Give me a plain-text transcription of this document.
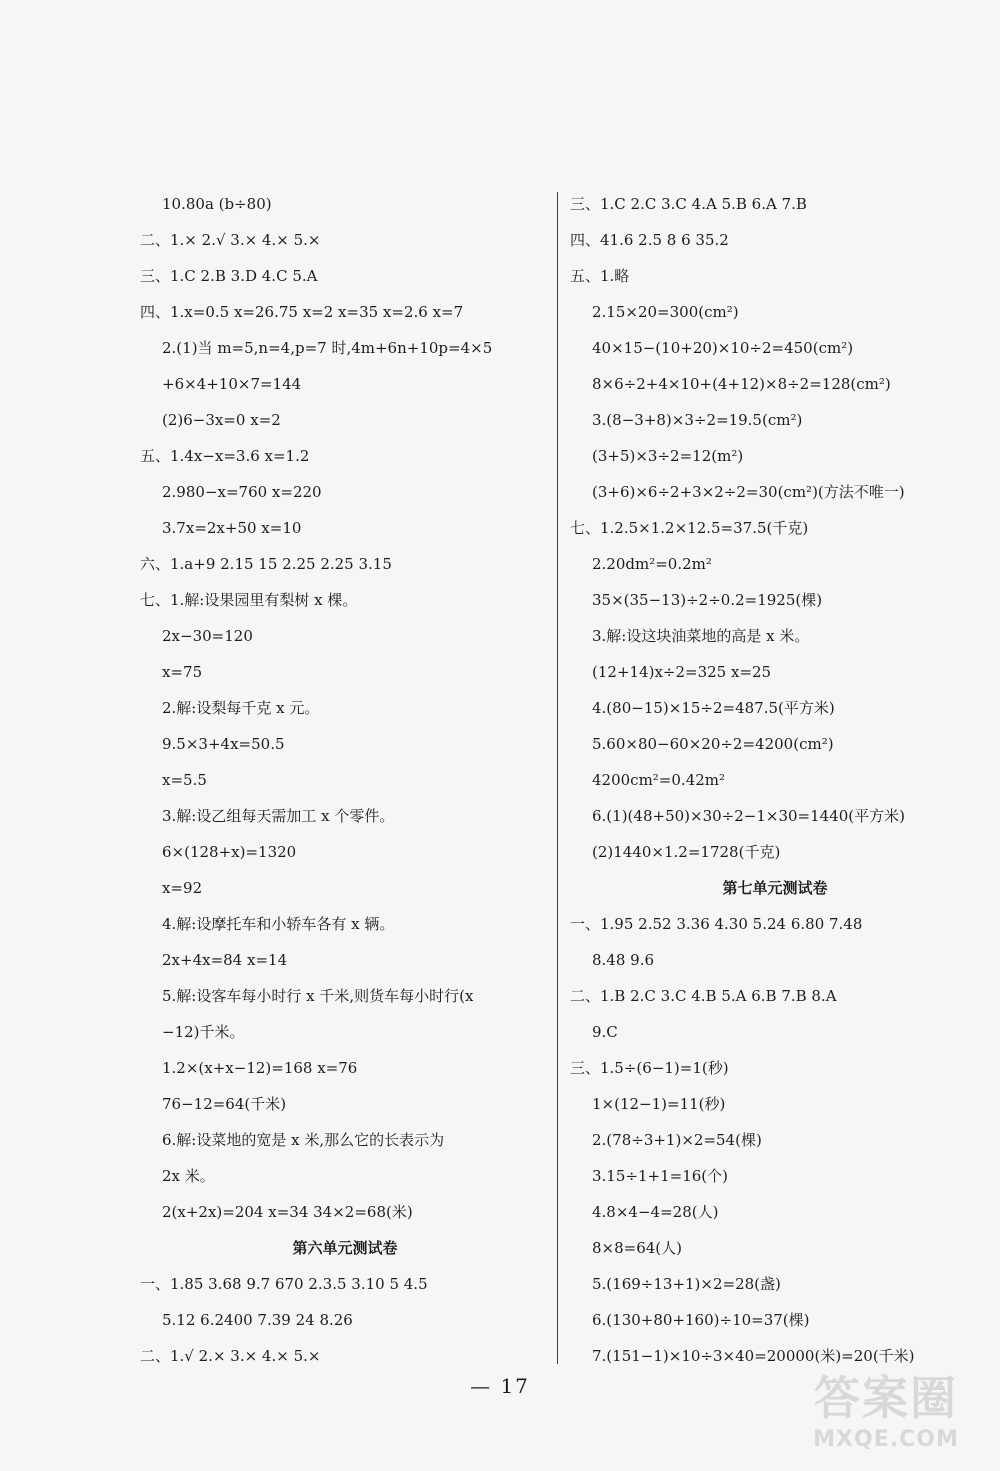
10.80a (b÷80)
二、1.× 2.√ 3.× 4.× 5.×
三、1.C 2.B 3.D 4.C 5.A
四、1.x=0.5 x=26.75 x=2 x=35 x=2.6 x=7
2.(1)当 m=5,n=4,p=7 时,4m+6n+10p=4×5
+6×4+10×7=144
(2)6−3x=0 x=2
五、1.4x−x=3.6 x=1.2
2.980−x=760 x=220
3.7x=2x+50 x=10
六、1.a+9 2.15 15 2.25 2.25 3.15
七、1.解:设果园里有梨树 x 棵。
2x−30=120
x=75
2.解:设梨每千克 x 元。
9.5×3+4x=50.5
x=5.5
3.解:设乙组每天需加工 x 个零件。
6×(128+x)=1320
x=92
4.解:设摩托车和小轿车各有 x 辆。
2x+4x=84 x=14
5.解:设客车每小时行 x 千米,则货车每小时行(x
−12)千米。
1.2×(x+x−12)=168 x=76
76−12=64(千米)
6.解:设菜地的宽是 x 米,那么它的长表示为
2x 米。
2(x+2x)=204 x=34 34×2=68(米)
第六单元测试卷
一、1.85 3.68 9.7 670 2.3.5 3.10 5 4.5
5.12 6.2400 7.39 24 8.26
二、1.√ 2.× 3.× 4.× 5.×
三、1.C 2.C 3.C 4.A 5.B 6.A 7.B
四、41.6 2.5 8 6 35.2
五、1.略
2.15×20=300(cm²)
40×15−(10+20)×10÷2=450(cm²)
8×6÷2+4×10+(4+12)×8÷2=128(cm²)
3.(8−3+8)×3÷2=19.5(cm²)
(3+5)×3÷2=12(m²)
(3+6)×6÷2+3×2÷2=30(cm²)(方法不唯一)
七、1.2.5×1.2×12.5=37.5(千克)
2.20dm²=0.2m²
35×(35−13)÷2÷0.2=1925(棵)
3.解:设这块油菜地的高是 x 米。
(12+14)x÷2=325 x=25
4.(80−15)×15÷2=487.5(平方米)
5.60×80−60×20÷2=4200(cm²)
4200cm²=0.42m²
6.(1)(48+50)×30÷2−1×30=1440(平方米)
(2)1440×1.2=1728(千克)
第七单元测试卷
一、1.95 2.52 3.36 4.30 5.24 6.80 7.48
8.48 9.6
二、1.B 2.C 3.C 4.B 5.A 6.B 7.B 8.A
9.C
三、1.5÷(6−1)=1(秒)
1×(12−1)=11(秒)
2.(78÷3+1)×2=54(棵)
3.15÷1+1=16(个)
4.8×4−4=28(人)
8×8=64(人)
5.(169÷13+1)×2=28(盏)
6.(130+80+160)÷10=37(棵)
7.(151−1)×10÷3×40=20000(米)=20(千米)
— 17	答案圈
MXQE.COM
